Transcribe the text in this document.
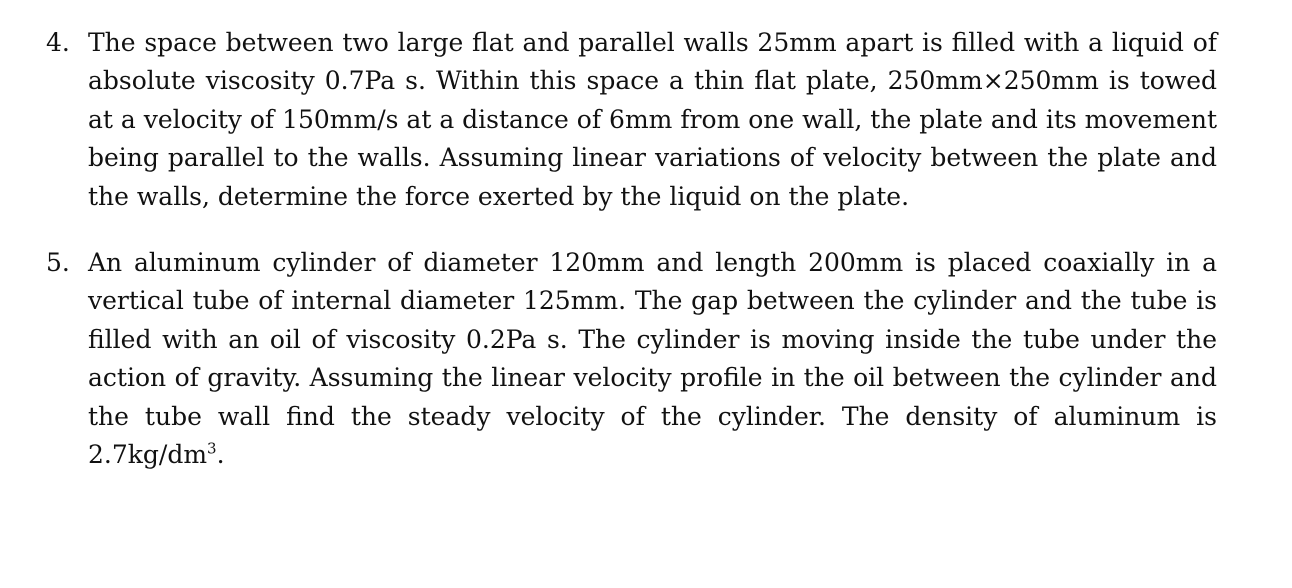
4. The space between two large flat and parallel walls 25mm apart is filled with a liquid of absolute viscosity 0.7Pa s. Within this space a thin flat plate, 250mm×250mm is towed at a velocity of 150mm/s at a distance of 6mm from one wall, the plate and its movement being parallel to the walls. Assuming linear variations of velocity between the plate and the walls, determine the force exerted by the liquid on the plate.

5. An aluminum cylinder of diameter 120mm and length 200mm is placed coaxially in a vertical tube of internal diameter 125mm. The gap between the cylinder and the tube is filled with an oil of viscosity 0.2Pa s. The cylinder is moving inside the tube under the action of gravity. Assuming the linear velocity profile in the oil between the cylinder and the tube wall find the steady velocity of the cylinder. The density of aluminum is $2.7kg/dm^3$.
